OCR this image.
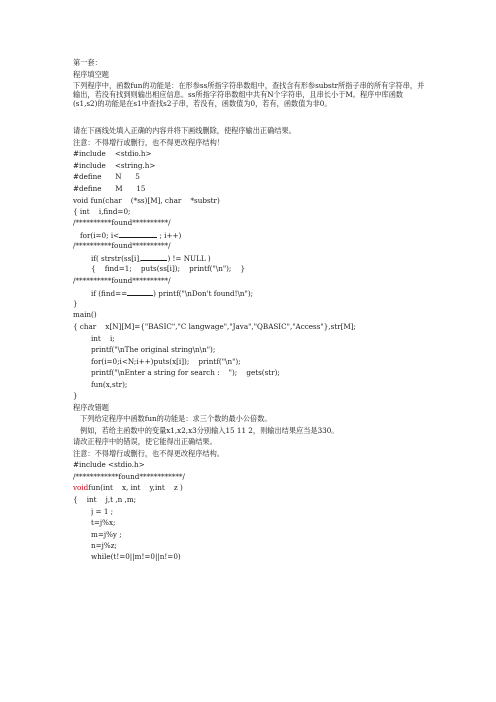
第一套：
程序填空题
下列程序中，函数fun的功能是：在形参ss所指字符串数组中，查找含有形参substr所指子串的所有字符串，并输出，若没有找到则输出相应信息。ss所指字符串数组中共有N个字符串，且串长小于M。程序中库函数(s1,s2)的功能是在s1中查找s2子串，若没有，函数值为0，若有，函数值为非0。
请在下画线处填入正确的内容并将下画线删除，使程序输出正确结果。
注意：不得增行或删行，也不得更改程序结构！
#include    <stdio.h>
#include    <string.h>
#define      N      5
#define      M      15
void fun(char    (*ss)[M], char    *substr)
{ int    i,find=0;
/**********found**********/
for(i=0; i<	; i++)
/**********found**********/
if( strstr(ss[i],	) != NULL )
{    find=1;    puts(ss[i]);    printf("\n");    }
/**********found**********/
if (find==	) printf("\nDon't found!\n");
}
main()
{ char    x[N][M]={"BASIC","C langwage","Java","QBASIC","Access"},str[M];
int    i;
printf("\nThe original string\n\n");
for(i=0;i<N;i++)puts(x[i]);    printf("\n");
printf("\nEnter a string for search :    ");    gets(str);
fun(x,str);
}
程序改错题
下列给定程序中函数fun的功能是：求三个数的最小公倍数。
例如，若给主函数中的变量x1,x2,x3分别输入15 11 2，则输出结果应当是330。
请改正程序中的错误，使它能得出正确结果。
注意：不得增行或删行，也不得更改程序结构。
#include <stdio.h>
/************found************/
voidfun(int    x, int    y,int    z )
{    int    j,t ,n ,m;
j = 1 ;
t=j%x;
m=j%y ;
n=j%z;
while(t!=0||m!=0||n!=0)
